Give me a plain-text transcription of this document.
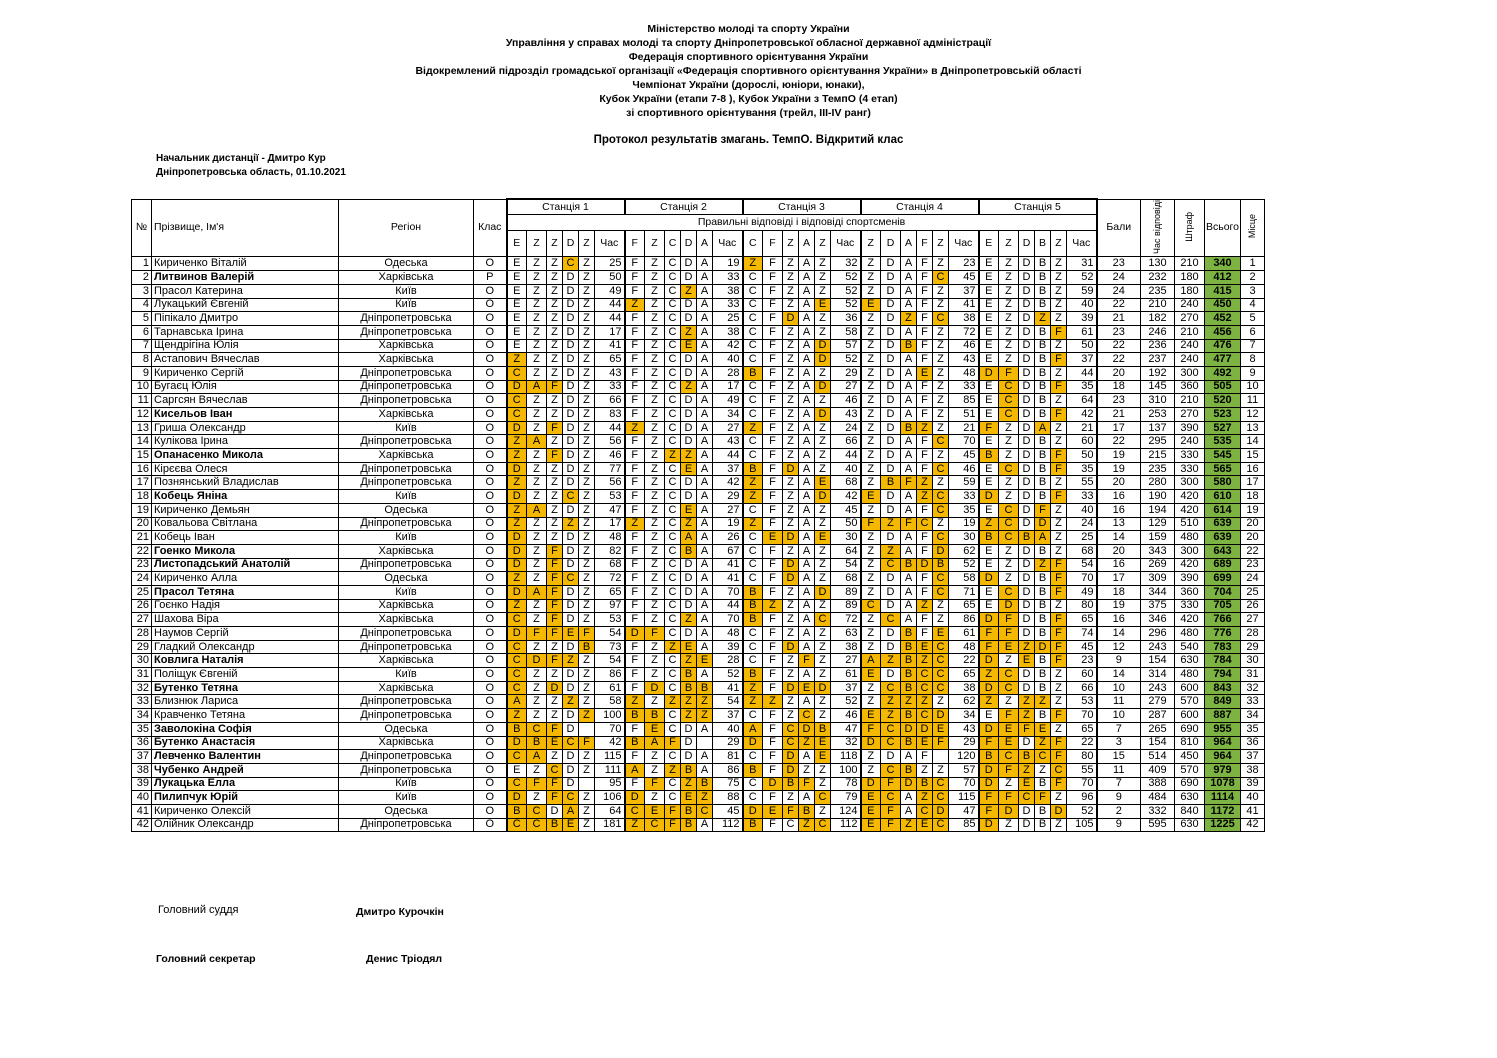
Міністерство молоді та спорту України
Управління у справах молоді та спорту Дніпропетровської обласної державної адміністрації
Федерація спортивного орієнтування України
Відокремлений підрозділ громадської організації «Федерація спортивного орієнтування України» в Дніпропетровській області
Чемпіонат України (дорослі, юніори, юнаки),
Кубок України (етапи 7-8 ), Кубок України з ТемпО (4 етап)
зі спортивного орієнтування (трейл, ІІІ-IV ранг)
Протокол результатів змагань. ТемпО. Відкритий клас
Начальник дистанції - Дмитро Кур
Дніпропетровська область, 01.10.2021
№	Прізвище, Ім'я	Регіон	Клас	Станція 1						Станція 2						Станція 3						Станція 4						Станція 5						Бали	Час відповіді	Штраф	Всього	Місце
				Правильні відповіді і відповіді спортсменів																																		
				E	Z	Z	D	Z	Час	F	Z	C	D	A	Час	C	F	Z	A	Z	Час	Z	D	A	F	Z	Час	E	Z	D	B	Z	Час					
1	Кириченко Віталій	Одеська	О	E	Z	Z	C	Z	25	F	Z	C	D	A	19	Z	F	Z	A	Z	32	Z	D	A	F	Z	23	E	Z	D	B	Z	31	23	130	210	340	1
2	Литвинов Валерій	Харківська	Р	E	Z	Z	D	Z	50	F	Z	C	D	A	33	C	F	Z	A	Z	52	Z	D	A	F	C	45	E	Z	D	B	Z	52	24	232	180	412	2
3	Прасол Катерина	Київ	О	E	Z	Z	D	Z	49	F	Z	C	Z	A	38	C	F	Z	A	Z	52	Z	D	A	F	Z	37	E	Z	D	B	Z	59	24	235	180	415	3
4	Лукацький Євгеній	Київ	О	E	Z	Z	D	Z	44	Z	Z	C	D	A	33	C	F	Z	A	E	52	E	D	A	F	Z	41	E	Z	D	B	Z	40	22	210	240	450	4
5	Піпікало Дмитро	Дніпропетровська	О	E	Z	Z	D	Z	44	F	Z	C	D	A	25	C	F	D	A	Z	36	Z	D	Z	F	C	38	E	Z	D	Z	Z	39	21	182	270	452	5
6	Тарнавська Ірина	Дніпропетровська	О	E	Z	Z	D	Z	17	F	Z	C	Z	A	38	C	F	Z	A	Z	58	Z	D	A	F	Z	72	E	Z	D	B	F	61	23	246	210	456	6
7	Щендрігіна Юлія	Харківська	О	E	Z	Z	D	Z	41	F	Z	C	E	A	42	C	F	Z	A	D	57	Z	D	B	F	Z	46	E	Z	D	B	Z	50	22	236	240	476	7
8	Астапович Вячеслав	Харківська	О	Z	Z	Z	D	Z	65	F	Z	C	D	A	40	C	F	Z	A	D	52	Z	D	A	F	Z	43	E	Z	D	B	F	37	22	237	240	477	8
9	Кириченко Сергій	Дніпропетровська	О	C	Z	Z	D	Z	43	F	Z	C	D	A	28	B	F	Z	A	Z	29	Z	D	A	E	Z	48	D	F	D	B	Z	44	20	192	300	492	9
10	Бугаєц Юлія	Дніпропетровська	О	D	A	F	D	Z	33	F	Z	C	Z	A	17	C	F	Z	A	D	27	Z	D	A	F	Z	33	E	C	D	B	F	35	18	145	360	505	10
11	Саргсян Вячеслав	Дніпропетровська	О	C	Z	Z	D	Z	66	F	Z	C	D	A	49	C	F	Z	A	Z	46	Z	D	A	F	Z	85	E	C	D	B	Z	64	23	310	210	520	11
12	Кисельов Іван	Харківська	О	C	Z	Z	D	Z	83	F	Z	C	D	A	34	C	F	Z	A	D	43	Z	D	A	F	Z	51	E	C	D	B	F	42	21	253	270	523	12
13	Гриша Олександр	Київ	О	D	Z	F	D	Z	44	Z	Z	C	D	A	27	Z	F	Z	A	Z	24	Z	D	B	Z	Z	21	F	Z	D	A	Z	21	17	137	390	527	13
14	Кулікова Ірина	Дніпропетровська	О	Z	A	Z	D	Z	56	F	Z	C	D	A	43	C	F	Z	A	Z	66	Z	D	A	F	C	70	E	Z	D	B	Z	60	22	295	240	535	14
15	Опанасенко Микола	Харківська	О	Z	Z	F	D	Z	46	F	Z	Z	Z	A	44	C	F	Z	A	Z	44	Z	D	A	F	Z	45	B	Z	D	B	F	50	19	215	330	545	15
16	Кірєєва Олеся	Дніпропетровська	О	D	Z	Z	D	Z	77	F	Z	C	E	A	37	B	F	D	A	Z	40	Z	D	A	F	C	46	E	C	D	B	F	35	19	235	330	565	16
17	Познянський Владислав	Дніпропетровська	О	Z	Z	Z	D	Z	56	F	Z	C	D	A	42	Z	F	Z	A	E	68	Z	B	F	Z	Z	59	E	Z	D	B	Z	55	20	280	300	580	17
18	Кобець Яніна	Київ	О	D	Z	Z	C	Z	53	F	Z	C	D	A	29	Z	F	Z	A	D	42	E	D	A	Z	C	33	D	Z	D	B	F	33	16	190	420	610	18
19	Кириченко Демьян	Одеська	О	Z	A	Z	D	Z	47	F	Z	C	E	A	27	C	F	Z	A	Z	45	Z	D	A	F	C	35	E	C	D	F	Z	40	16	194	420	614	19
20	Ковальова Світлана	Дніпропетровська	О	Z	Z	Z	Z	Z	17	Z	Z	C	Z	A	19	Z	F	Z	A	Z	50	F	Z	F	C	Z	19	Z	C	D	D	Z	24	13	129	510	639	20
21	Кобець Іван	Київ	О	D	Z	Z	D	Z	48	F	Z	C	A	A	26	C	E	D	A	E	30	Z	D	A	F	C	30	B	C	B	A	Z	25	14	159	480	639	20
22	Гоенко Микола	Харківська	О	D	Z	F	D	Z	82	F	Z	C	B	A	67	C	F	Z	A	Z	64	Z	Z	A	F	D	62	E	Z	D	B	Z	68	20	343	300	643	22
23	Листопадський Анатолій	Дніпропетровська	О	D	Z	F	D	Z	68	F	Z	C	D	A	41	C	F	D	A	Z	54	Z	C	B	D	B	52	E	Z	D	Z	F	54	16	269	420	689	23
24	Кириченко Алла	Одеська	О	Z	Z	F	C	Z	72	F	Z	C	D	A	41	C	F	D	A	Z	68	Z	D	A	F	C	58	D	Z	D	B	F	70	17	309	390	699	24
25	Прасол Тетяна	Київ	О	D	A	F	D	Z	65	F	Z	C	D	A	70	B	F	Z	A	D	89	Z	D	A	F	C	71	E	C	D	B	F	49	18	344	360	704	25
26	Гоєнко Надія	Харківська	О	Z	Z	F	D	Z	97	F	Z	C	D	A	44	B	Z	Z	A	Z	89	C	D	A	Z	Z	65	E	D	D	B	Z	80	19	375	330	705	26
27	Шахова Віра	Харківська	О	C	Z	F	D	Z	53	F	Z	C	Z	A	70	B	F	Z	A	C	72	Z	C	A	F	Z	86	D	F	D	B	F	65	16	346	420	766	27
28	Наумов Сергій	Дніпропетровська	О	D	F	F	E	F	54	D	F	C	D	A	48	C	F	Z	A	Z	63	Z	D	B	F	E	61	F	F	D	B	F	74	14	296	480	776	28
29	Гладкий Олександр	Дніпропетровська	О	C	Z	Z	D	B	73	F	Z	Z	E	A	39	C	F	D	A	Z	38	Z	D	B	E	C	48	F	E	Z	D	F	45	12	243	540	783	29
30	Ковлига Наталія	Харківська	О	C	D	F	Z	Z	54	F	Z	C	Z	E	28	C	F	Z	F	Z	27	A	Z	B	Z	C	22	D	Z	E	B	F	23	9	154	630	784	30
31	Поліщук Євгеній	Київ	О	C	Z	Z	D	Z	86	F	Z	C	B	A	52	B	F	Z	A	Z	61	E	D	B	C	C	65	Z	C	D	B	Z	60	14	314	480	794	31
32	Бутенко Тетяна	Харківська	О	C	Z	D	D	Z	61	F	D	C	B	B	41	Z	F	D	E	D	37	Z	C	B	C	C	38	D	C	D	B	Z	66	10	243	600	843	32
33	Близнюк Лариса	Дніпропетровська	О	A	Z	Z	Z	Z	58	Z	Z	Z	Z	Z	54	Z	Z	Z	A	Z	52	Z	Z	Z	Z	Z	62	Z	Z	Z	Z	Z	53	11	279	570	849	33
34	Кравченко Тетяна	Дніпропетровська	О	Z	Z	Z	D	Z	100	B	B	C	Z	Z	37	C	F	Z	C	Z	46	E	Z	B	C	D	34	E	F	Z	B	F	70	10	287	600	887	34
35	Заволокіна Софія	Одеська	О	B	C	F	D		70	F	E	C	D	A	40	A	F	C	D	B	47	F	C	D	D	E	43	D	E	F	E	Z	65	7	265	690	955	35
36	Бутенко Анастасія	Харківська	О	D	B	E	C	F	42	B	A	F	D		29	D	F	C	Z	E	32	D	C	B	E	F	29	F	E	D	Z	F	22	3	154	810	964	36
37	Левченко Валентин	Дніпропетровська	О	C	A	Z	D	Z	115	F	Z	C	D	A	81	C	F	D	A	E	118	Z	D	A	F		120	B	C	B	C	F	80	15	514	450	964	37
38	Чубенко Андрей	Дніпропетровська	О	E	Z	C	D	Z	111	A	Z	Z	B	A	86	B	F	D	Z	Z	100	Z	C	B	Z	Z	57	D	F	Z	Z	C	55	11	409	570	979	38
39	Лукацька Елла	Київ	О	C	F	F	D		95	F	F	C	Z	B	75	C	D	B	F	Z	78	D	F	D	B	C	70	D	Z	E	B	F	70	7	388	690	1078	39
40	Пилипчук Юрій	Київ	О	D	Z	F	C	Z	106	D	Z	C	E	Z	88	C	F	Z	A	C	79	E	C	A	Z	C	115	F	F	C	F	Z	96	9	484	630	1114	40
41	Кириченко Олексій	Одеська	О	B	C	D	A	Z	64	C	E	F	B	C	45	D	E	F	B	Z	124	E	F	A	C	D	47	F	D	D	B	D	52	2	332	840	1172	41
42	Олійник Олександр	Дніпропетровська	О	C	C	B	E	Z	181	Z	C	F	B	A	112	B	F	C	Z	C	112	E	F	Z	E	C	85	D	Z	D	B	Z	105	9	595	630	1225	42
Головний суддя	Дмитро Курочкін
Головний секретар	Денис Тріодял
